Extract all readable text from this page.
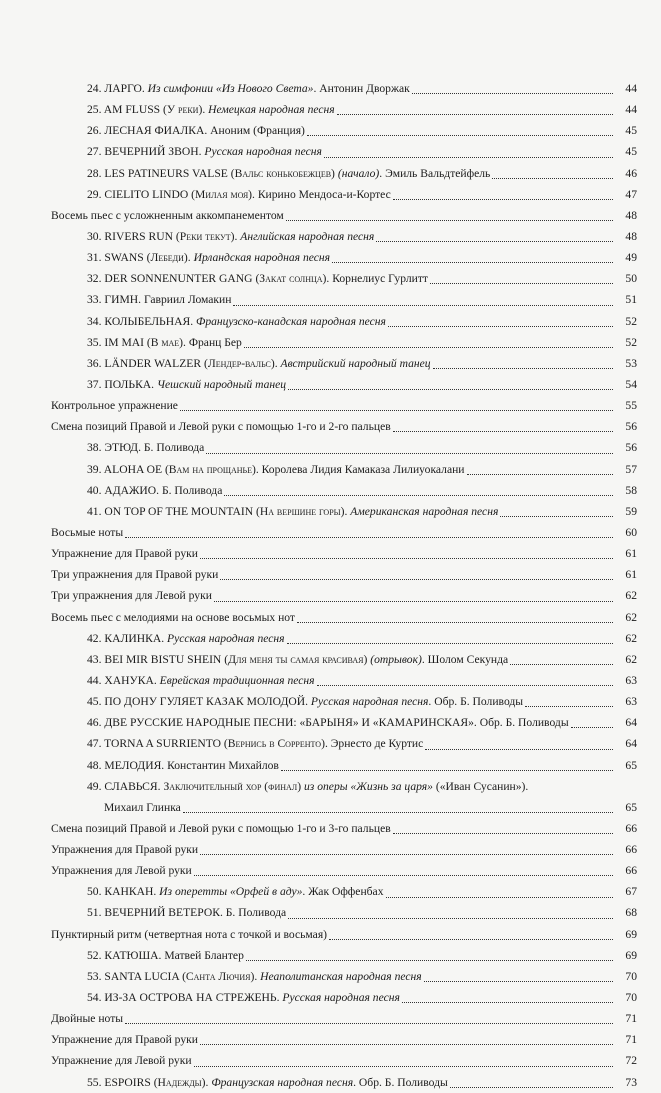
24. ЛАРГО. Из симфонии «Из Нового Света». Антонин Дворжак	44
25. AM FLUSS (У реки). Немецкая народная песня	44
26. ЛЕСНАЯ ФИАЛКА. Аноним (Франция)	45
27. ВЕЧЕРНИЙ ЗВОН. Русская народная песня	45
28. LES PATINEURS VALSE (Вальс конькобежцев) (начало). Эмиль Вальдтейфель	46
29. CIELITO LINDO (Милая моя). Кирино Мендоса-и-Кортес	47
Восемь пьес с усложненным аккомпанементом	48
30. RIVERS RUN (Реки текут). Английская народная песня	48
31. SWANS (Лебеди). Ирландская народная песня	49
32. DER SONNENUNTER GANG (Закат солнца). Корнелиус Гурлитт	50
33. ГИМН. Гавриил Ломакин	51
34. КОЛЫБЕЛЬНАЯ. Французско-канадская народная песня	52
35. IM MAI (В мае). Франц Бер	52
36. LÄNDER WALZER (Лендер-вальс). Австрийский народный танец	53
37. ПОЛЬКА. Чешский народный танец	54
Контрольное упражнение	55
Смена позиций Правой и Левой руки с помощью 1-го и 2-го пальцев	56
38. ЭТЮД. Б. Поливода	56
39. ALOHA OE (Вам на прощанье). Королева Лидия Камаказа Лилиуокалани	57
40. АДАЖИО. Б. Поливода	58
41. ON TOP OF THE MOUNTAIN (На вершине горы). Американская народная песня	59
Восьмые ноты	60
Упражнение для Правой руки	61
Три упражнения для Правой руки	61
Три упражнения для Левой руки	62
Восемь пьес с мелодиями на основе восьмых нот	62
42. КАЛИНКА. Русская народная песня	62
43. BEI MIR BISTU SHEIN (Для меня ты самая красивая) (отрывок). Шолом Секунда	62
44. ХАНУКА. Еврейская традиционная песня	63
45. ПО ДОНУ ГУЛЯЕТ КАЗАК МОЛОДОЙ. Русская народная песня. Обр. Б. Поливоды	63
46. ДВЕ РУССКИЕ НАРОДНЫЕ ПЕСНИ: «БАРЫНЯ» И «КАМАРИНСКАЯ». Обр. Б. Поливоды	64
47. TORNA A SURRIENTO (Вернись в Сорренто). Эрнесто де Куртис	64
48. МЕЛОДИЯ. Константин Михайлов	65
49. СЛАВЬСЯ. Заключительный хор (финал) из оперы «Жизнь за царя» («Иван Сусанин»).
Михаил Глинка	65
Смена позиций Правой и Левой руки с помощью 1-го и 3-го пальцев	66
Упражнения для Правой руки	66
Упражнения для Левой руки	66
50. КАНКАН. Из оперетты «Орфей в аду». Жак Оффенбах	67
51. ВЕЧЕРНИЙ ВЕТЕРОК. Б. Поливода	68
Пунктирный ритм (четвертная нота с точкой и восьмая)	69
52. КАТЮША. Матвей Блантер	69
53. SANTA LUCIA (Санта Лючия). Неаполитанская народная песня	70
54. ИЗ-ЗА ОСТРОВА НА СТРЕЖЕНЬ. Русская народная песня	70
Двойные ноты	71
Упражнение для Правой руки	71
Упражнение для Левой руки	72
55. ESPOIRS (Надежды). Французская народная песня. Обр. Б. Поливоды	73
